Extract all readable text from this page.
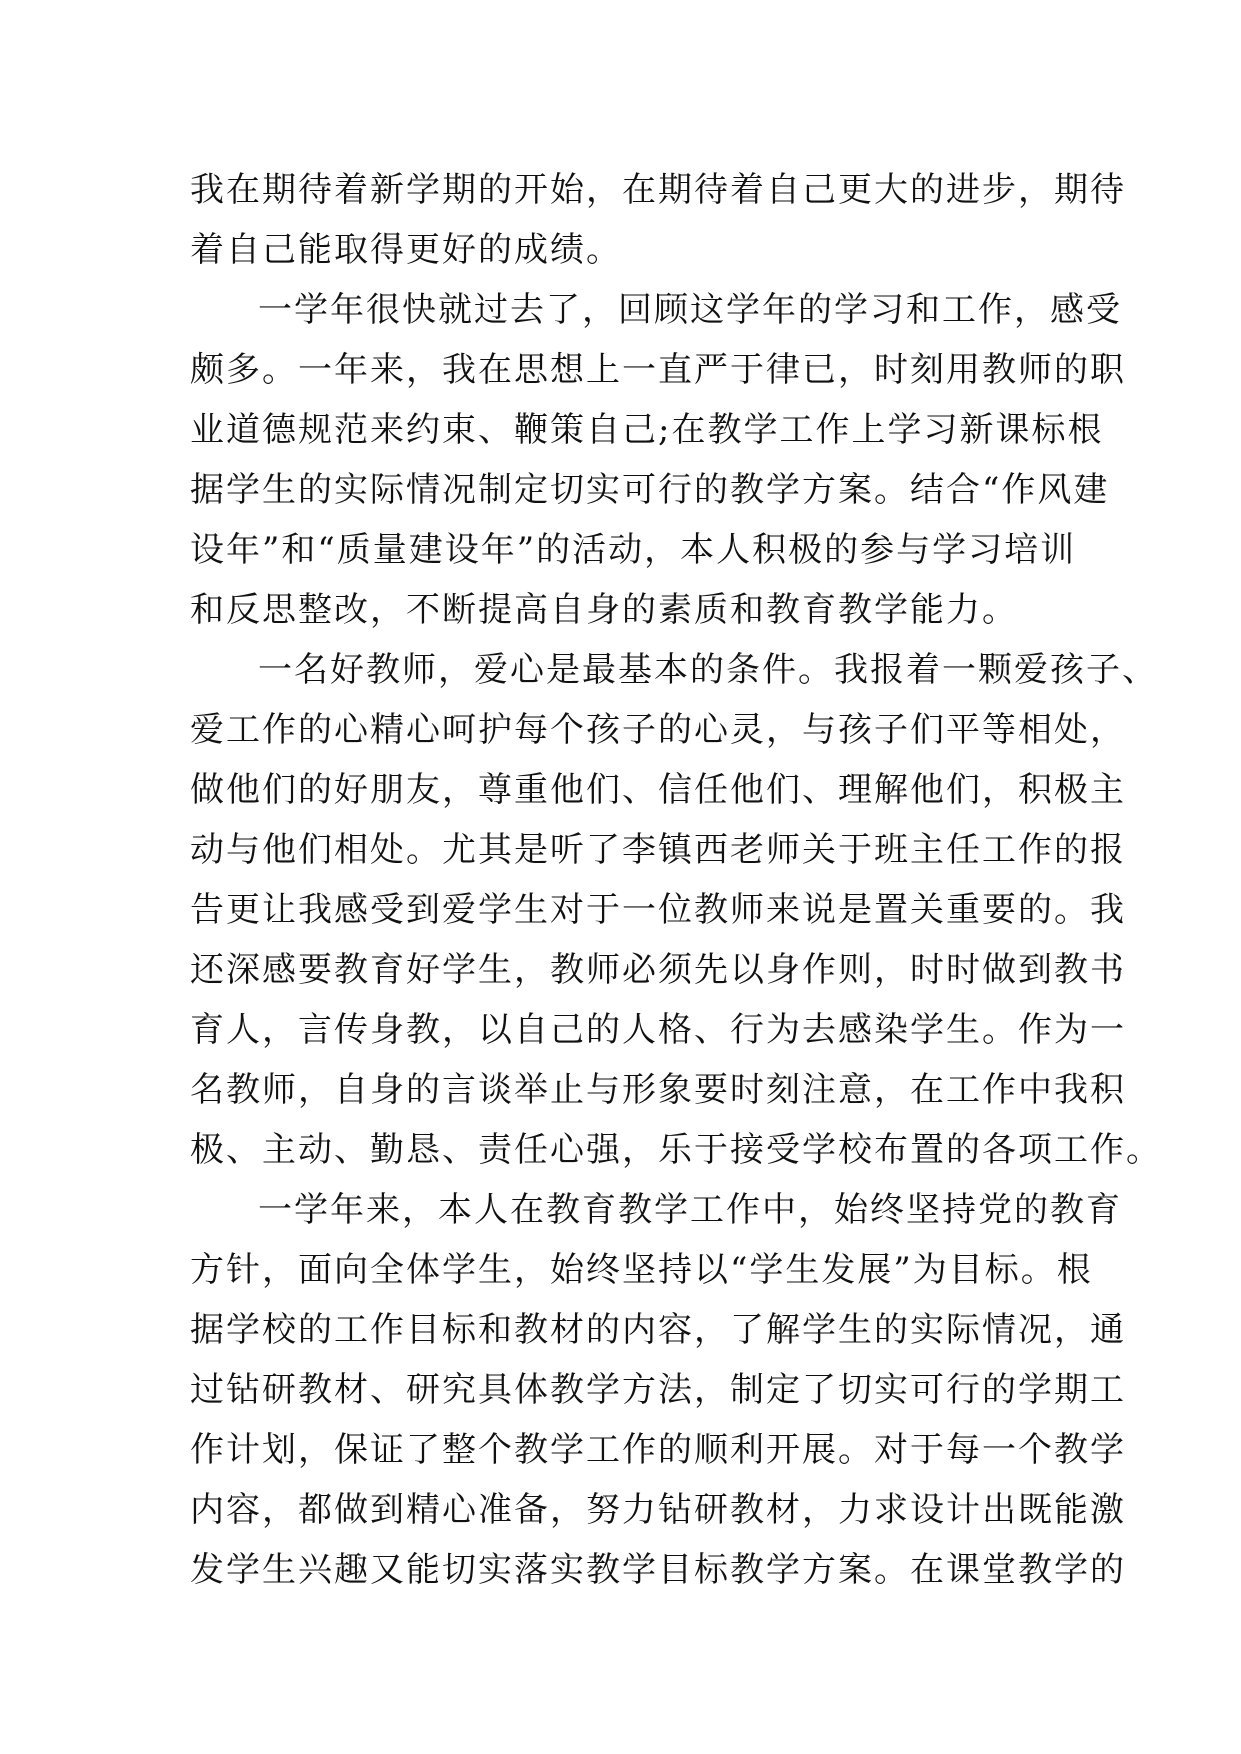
我在期待着新学期的开始，在期待着自己更大的进步，期待
着自己能取得更好的成绩。
一学年很快就过去了，回顾这学年的学习和工作，感受
颇多。一年来，我在思想上一直严于律已，时刻用教师的职
业道德规范来约束、鞭策自己;在教学工作上学习新课标根
据学生的实际情况制定切实可行的教学方案。结合“作风建
设年”和“质量建设年”的活动，本人积极的参与学习培训
和反思整改，不断提高自身的素质和教育教学能力。
一名好教师，爱心是最基本的条件。我报着一颗爱孩子、
爱工作的心精心呵护每个孩子的心灵，与孩子们平等相处，
做他们的好朋友，尊重他们、信任他们、理解他们，积极主
动与他们相处。尤其是听了李镇西老师关于班主任工作的报
告更让我感受到爱学生对于一位教师来说是置关重要的。我
还深感要教育好学生，教师必须先以身作则，时时做到教书
育人，言传身教，以自己的人格、行为去感染学生。作为一
名教师，自身的言谈举止与形象要时刻注意，在工作中我积
极、主动、勤恳、责任心强，乐于接受学校布置的各项工作。
一学年来，本人在教育教学工作中，始终坚持党的教育
方针，面向全体学生，始终坚持以“学生发展”为目标。根
据学校的工作目标和教材的内容，了解学生的实际情况，通
过钻研教材、研究具体教学方法，制定了切实可行的学期工
作计划，保证了整个教学工作的顺利开展。对于每一个教学
内容，都做到精心准备，努力钻研教材，力求设计出既能激
发学生兴趣又能切实落实教学目标教学方案。在课堂教学的
